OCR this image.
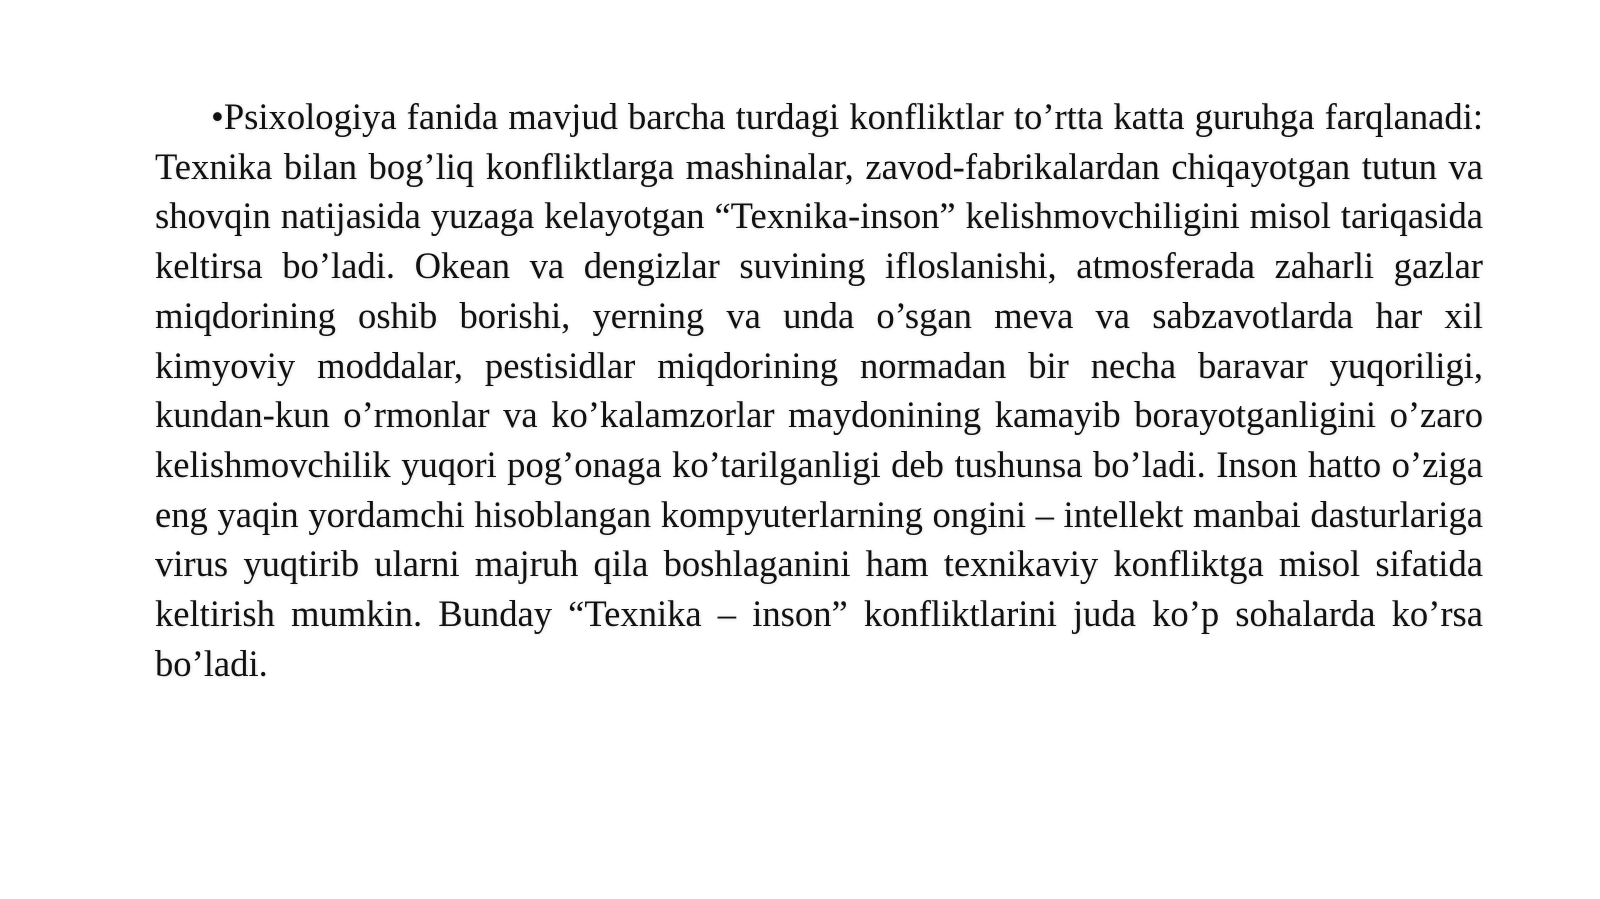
•Psixologiya fanida mavjud barcha turdagi konfliktlar to’rtta katta guruhga farqlanadi: Texnika bilan bog’liq konfliktlarga mashinalar, zavod-fabrikalardan chiqayotgan tutun va shovqin natijasida yuzaga kelayotgan “Texnika-inson” kelishmovchiligini misol tariqasida keltirsa bo’ladi. Okean va dengizlar suvining ifloslanishi, atmosferada zaharli gazlar miqdorining oshib borishi, yerning va unda o’sgan meva va sabzavotlarda har xil kimyoviy moddalar, pestisidlar miqdorining normadan bir necha baravar yuqoriligi, kundan-kun o’rmonlar va ko’kalamzorlar maydonining kamayib borayotganligini o’zaro kelishmovchilik yuqori pog’onaga ko’tarilganligi deb tushunsa bo’ladi. Inson hatto o’ziga eng yaqin yordamchi hisoblangan kompyuterlarning ongini – intellekt manbai dasturlariga virus yuqtirib ularni majruh qila boshlaganini ham texnikaviy konfliktga misol sifatida keltirish mumkin. Bunday “Texnika – inson” konfliktlarini juda ko’p sohalarda ko’rsa bo’ladi.
